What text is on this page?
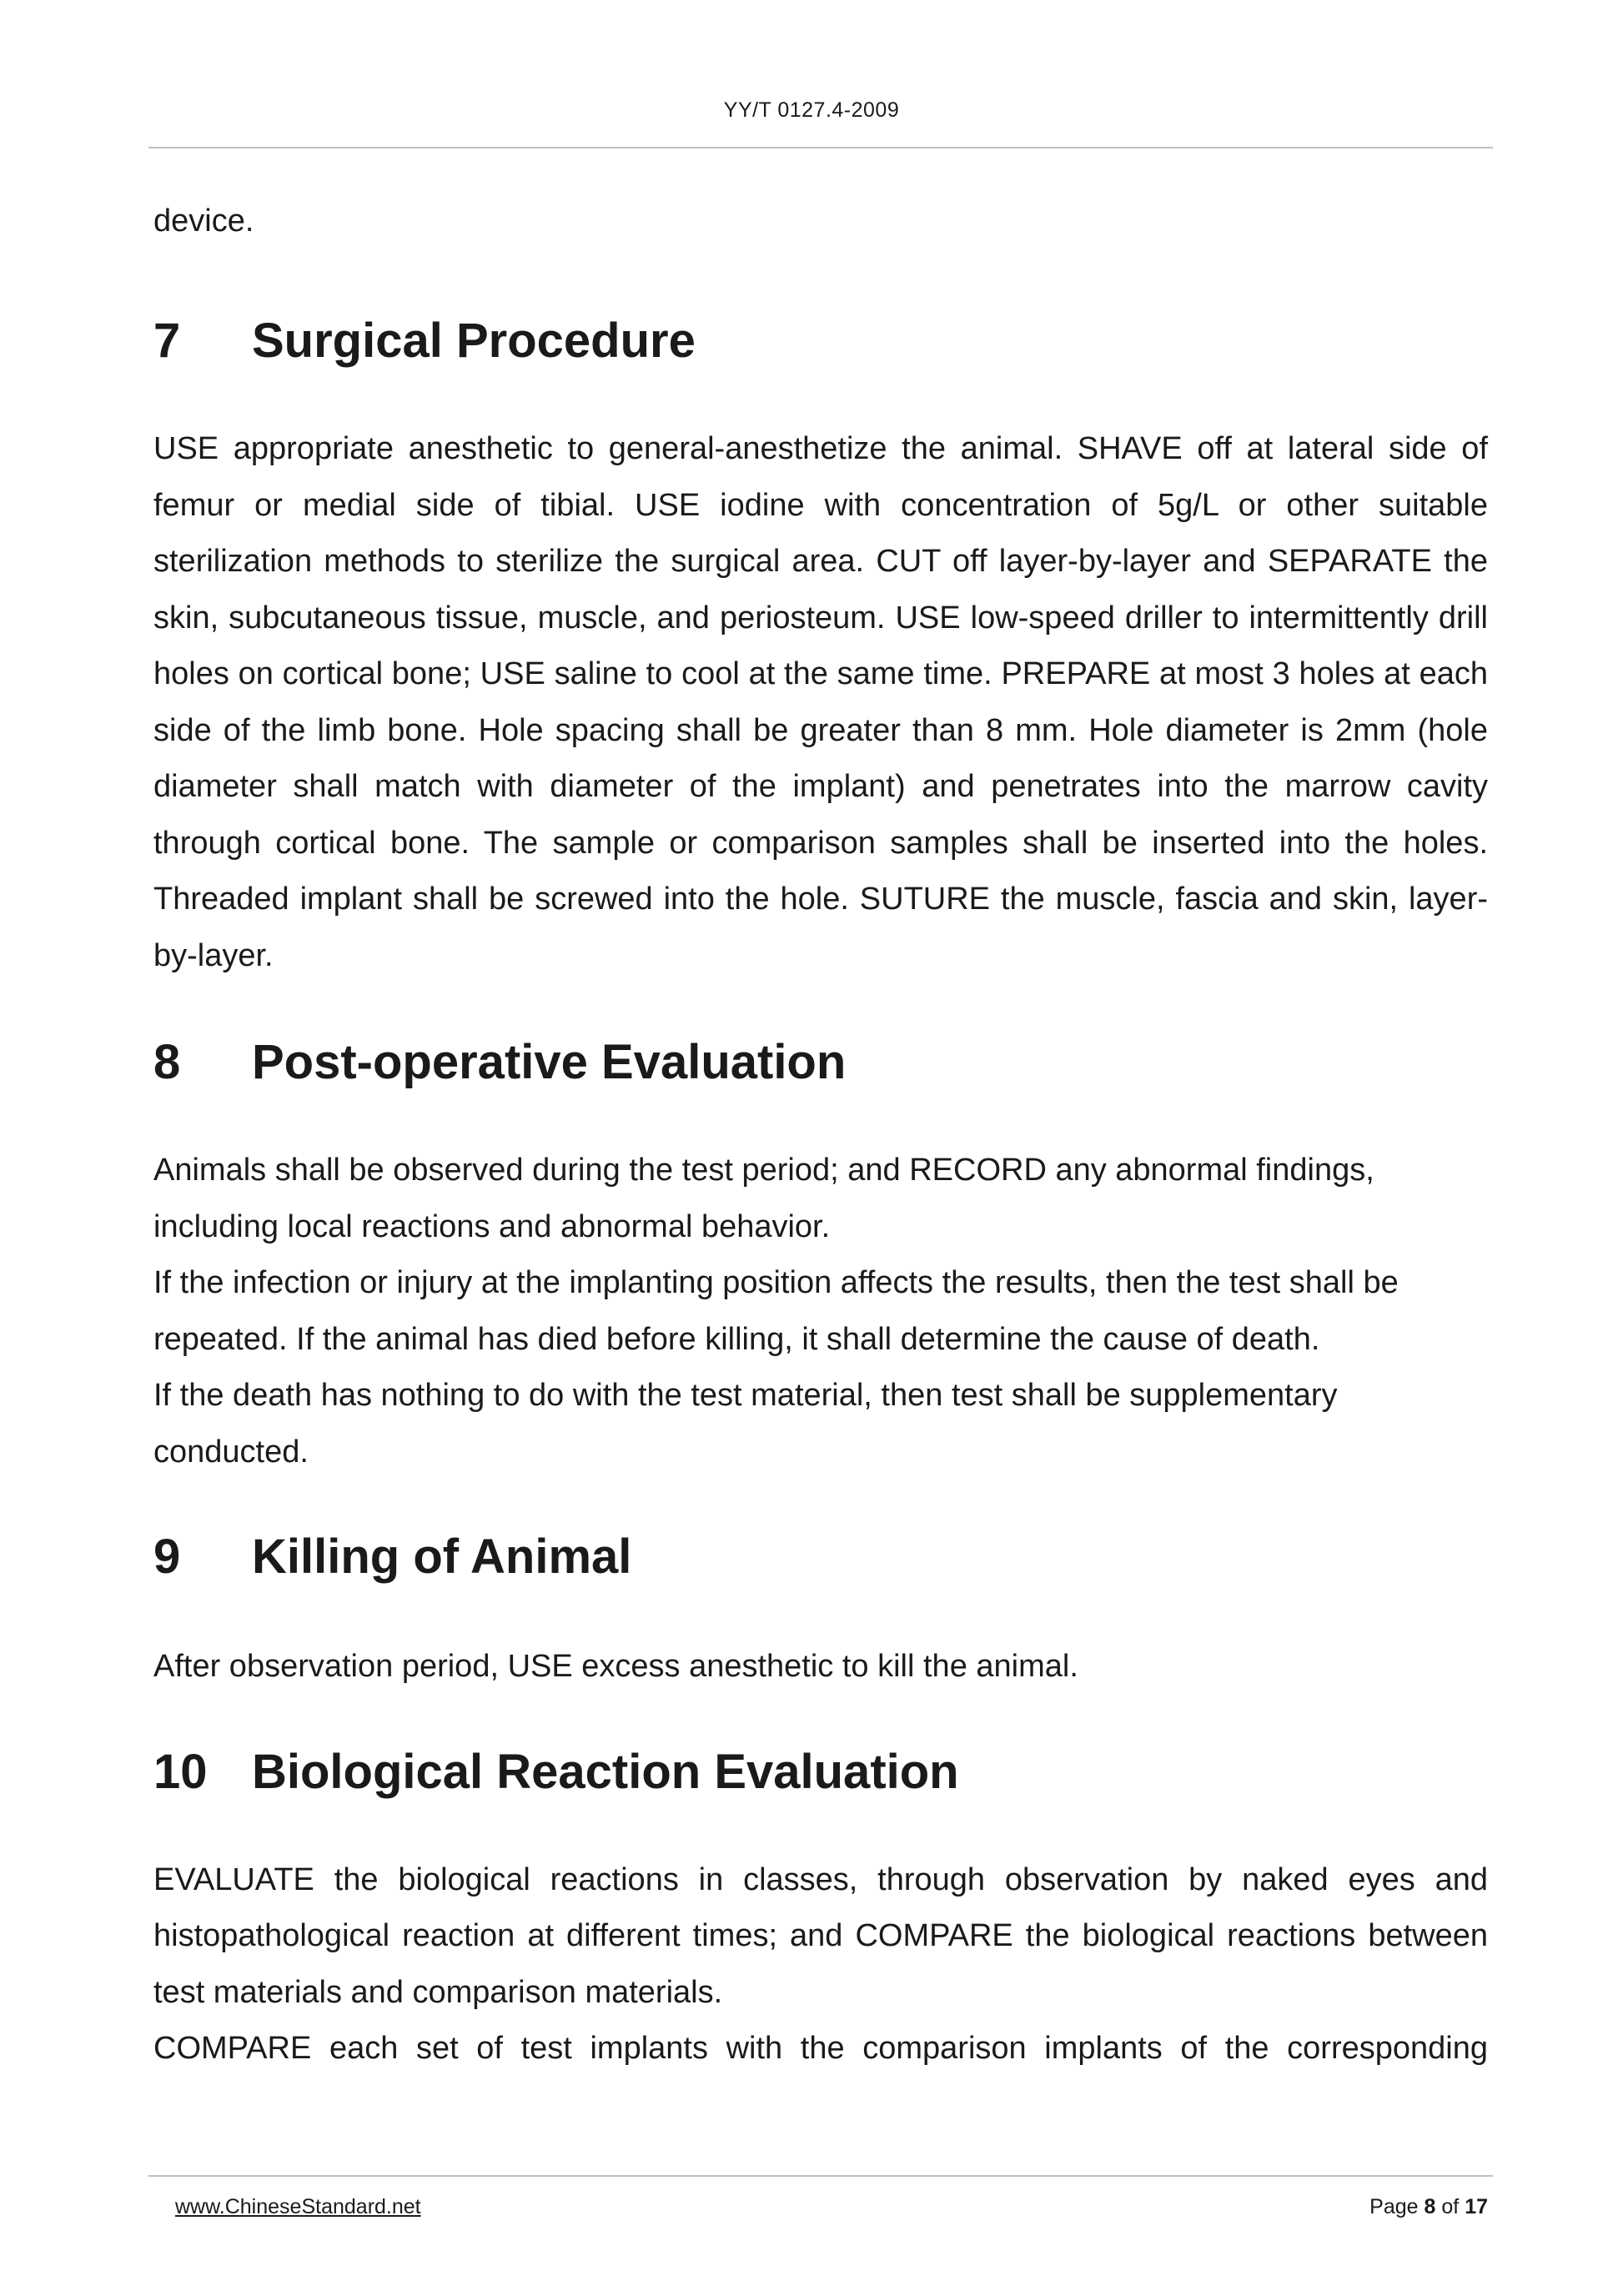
YY/T 0127.4-2009

device.

7	Surgical Procedure

USE appropriate anesthetic to general-anesthetize the animal. SHAVE off at lateral side of femur or medial side of tibial. USE iodine with concentration of 5g/L or other suitable sterilization methods to sterilize the surgical area. CUT off layer-by-layer and SEPARATE the skin, subcutaneous tissue, muscle, and periosteum. USE low-speed driller to intermittently drill holes on cortical bone; USE saline to cool at the same time. PREPARE at most 3 holes at each side of the limb bone. Hole spacing shall be greater than 8 mm. Hole diameter is 2mm (hole diameter shall match with diameter of the implant) and penetrates into the marrow cavity through cortical bone. The sample or comparison samples shall be inserted into the holes. Threaded implant shall be screwed into the hole. SUTURE the muscle, fascia and skin, layer-by-layer.

8	Post-operative Evaluation

Animals shall be observed during the test period; and RECORD any abnormal findings, including local reactions and abnormal behavior.

If the infection or injury at the implanting position affects the results, then the test shall be repeated. If the animal has died before killing, it shall determine the cause of death.

If the death has nothing to do with the test material, then test shall be supplementary conducted.

9	Killing of Animal

After observation period, USE excess anesthetic to kill the animal.

10 Biological Reaction Evaluation

EVALUATE the biological reactions in classes, through observation by naked eyes and histopathological reaction at different times; and COMPARE the biological reactions between test materials and comparison materials.

COMPARE each set of test implants with the comparison implants of the corresponding

www.ChineseStandard.net	Page 8 of 17
